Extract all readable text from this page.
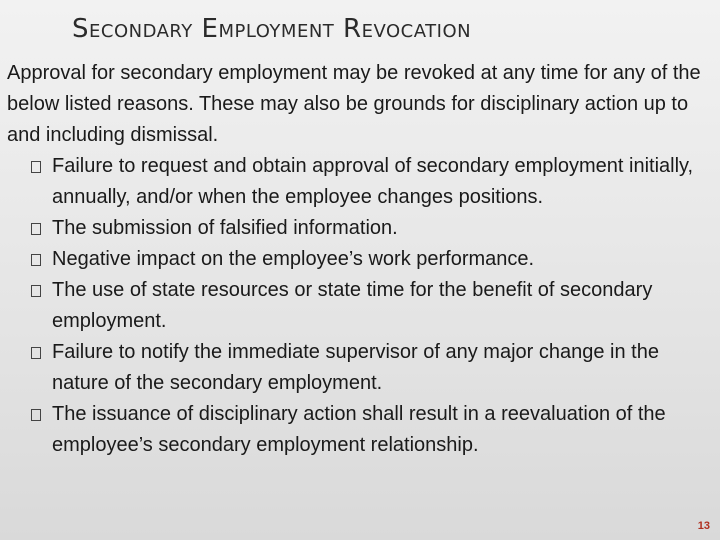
Secondary Employment Revocation

Approval for secondary employment may be revoked at any time for any of the below listed reasons. These may also be grounds for disciplinary action up to and including dismissal.

Failure to request and obtain approval of secondary employment initially, annually, and/or when the employee changes positions.
The submission of falsified information.
Negative impact on the employee’s work performance.
The use of state resources or state time for the benefit of secondary employment.
Failure to notify the immediate supervisor of any major change in the nature of the secondary employment.
The issuance of disciplinary action shall result in a reevaluation of the employee’s secondary employment relationship.
13
